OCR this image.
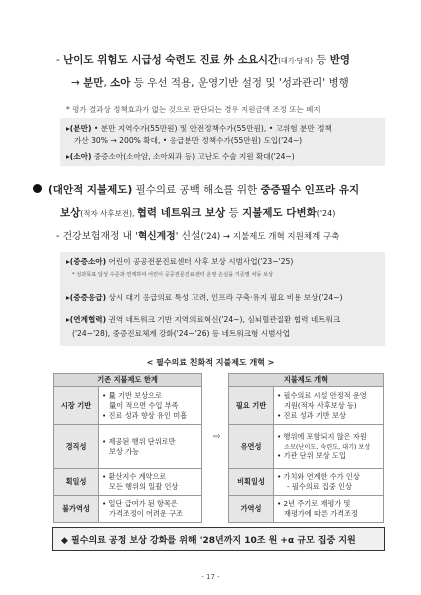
- 난이도 위험도 시급성 숙련도 진료 外 소요시간(대기·당직) 등 반영
→ 분만, 소아 등 우선 적용, 운영기반 설정 및 '성과관리' 병행
* 평가 결과상 정책효과가 없는 것으로 판단되는 경우 지원금액 조정 또는 폐지
▸(분만) • 분만 지역수가(55만원) 및 안전정책수가(55만원), • 고위험 분만 정책
가산 30% → 200% 확대, • 응급분만 정책수가(55만원) 도입('24~)
▸(소아) 중증소아(소아암, 소아외과 등) 고난도 수술 지원 확대('24~)
(대안적 지불제도) 필수의료 공백 해소를 위한 중증필수 인프라 유지
보상(적자 사후보전), 협력 네트워크 보상 등 지불제도 다변화('24)
- 건강보험재정 내 '혁신계정' 신설('24) → 지불제도 개혁 지원체계 구축
▸(중증소아) 어린이 공공전문진료센터 사후 보상 시범사업('23~'25)
* 성과목표 달성 수준과 연계하여 어린이 공공전문진료센터 운영 손실을 기준별 차등 보상
▸(중증응급) 상시 대기 응급의료 특성 고려, 인프라 구축·유지 필요 비용 보상('24~)
▸(연계협력) 권역 네트워크 기반 지역의료혁신('24~), 심뇌혈관질환 협력 네트워크
('24~'28), 중증진료체계 강화('24~'26) 등 네트워크형 시범사업
< 필수의료 친화적 지불제도 개혁 >
기존 지불제도 한계	
시장 기반	• 量 기반 보상으로
量이 적으면 수입 부족
• 진료 성과 향상 유인 미흡

경직성	• 제공된 행위 단위로만
보상 가능

획일성	• 환산지수 계약으로
모든 행위의 일괄 인상

불가역성	• 일단 급여가 된 항목은
가격조정이 어려운 구조
⇨
지불제도 개혁	
필요 기반	• 필수의료 시설 안정적 운영
지원(적자 사후보상 등)
• 진료 성과 기반 보상

유연성	• 행위에 포함되지 않은 자원
소모(난이도, 숙련도, 대기) 보상
• 기관 단위 보상 도입

비획일성	• 가치와 연계한 수가 인상
- 필수의료 집중 인상

가역성	• 2년 주기로 재평가 및
재평가에 따른 가격조정
◆ 필수의료 공정 보상 강화를 위해 '28년까지 10조 원 +α 규모 집중 지원
- 17 -
